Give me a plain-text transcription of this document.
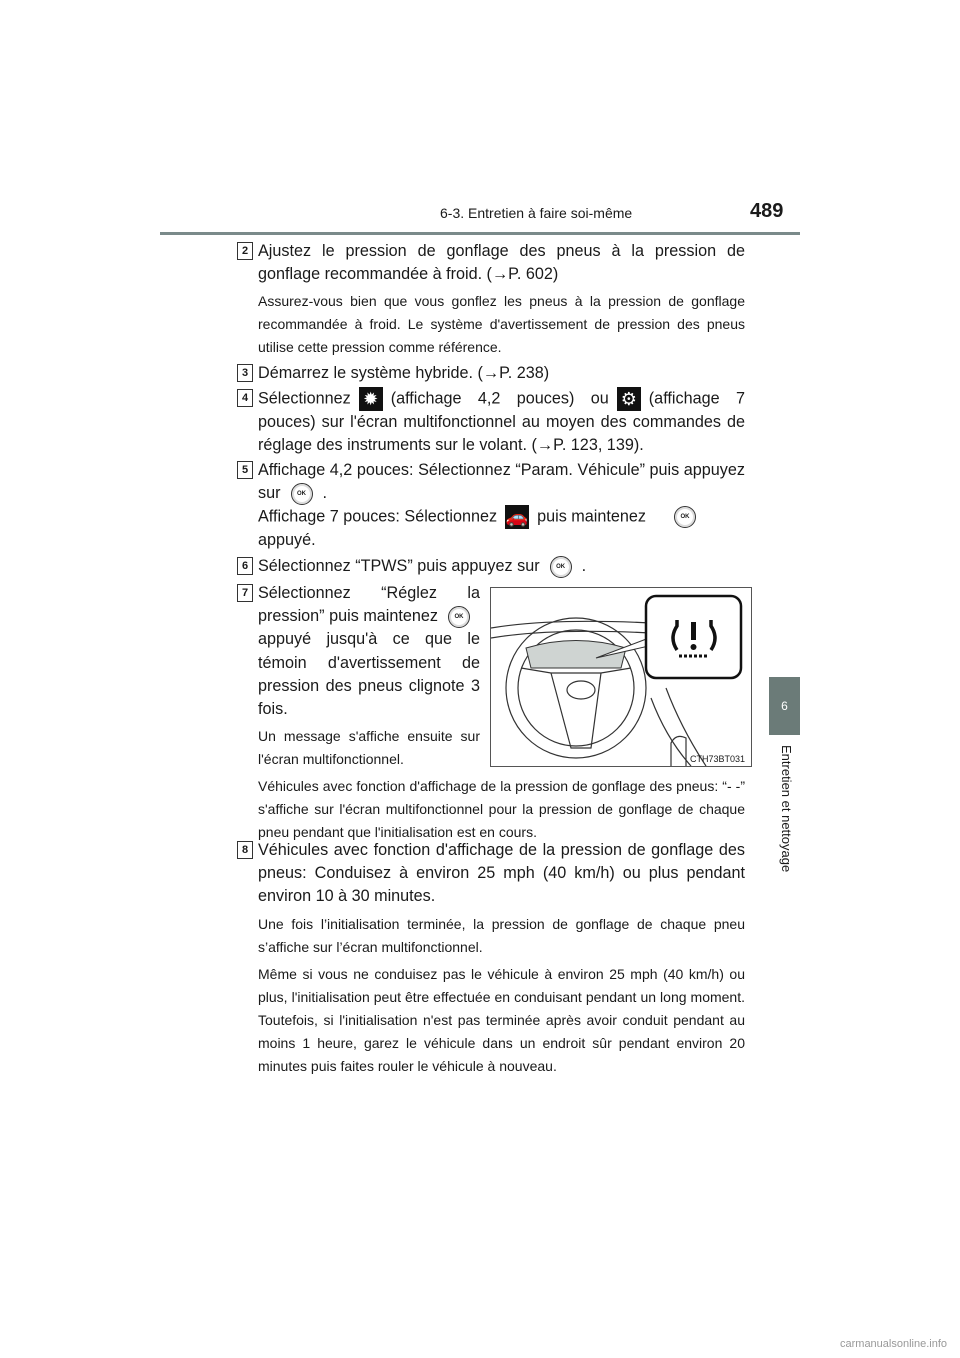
6-3. Entretien à faire soi-même	489
2 Ajustez le pression de gonflage des pneus à la pression de gonflage recommandée à froid. (→P. 602)
Assurez-vous bien que vous gonflez les pneus à la pression de gonflage recommandée à froid. Le système d'avertissement de pression des pneus utilise cette pression comme référence.
3 Démarrez le système hybride. (→P. 238)
4 Sélectionnez ✹ (affichage 4,2 pouces) ou ⚙ (affichage 7 pouces) sur l'écran multifonctionnel au moyen des commandes de réglage des instruments sur le volant. (→P. 123, 139).
5 Affichage 4,2 pouces: Sélectionnez “Param. Véhicule” puis appuyez sur	OK .
Affichage 7 pouces: Sélectionnez 🚗 puis maintenez	OK
appuyé.
6 Sélectionnez “TPWS” puis appuyez sur	OK .
7 Sélectionnez “Réglez la pression” puis maintenez	OKappuyé jusqu'à ce que le témoin d'avertissement de pression des pneus clignote 3 fois.
Un message s'affiche ensuite sur l'écran multifonctionnel.
Véhicules avec fonction d'affichage de la pression de gonflage des pneus: “- -” s'affiche sur l'écran multifonctionnel pour la pression de gonflage de chaque pneu pendant que l'initialisation est en cours.
CTH73BT031
8 Véhicules avec fonction d'affichage de la pression de gonflage des pneus: Conduisez à environ 25 mph (40 km/h) ou plus pendant environ 10 à 30 minutes.
Une fois l’initialisation terminée, la pression de gonflage de chaque pneu s’affiche sur l’écran multifonctionnel.
Même si vous ne conduisez pas le véhicule à environ 25 mph (40 km/h) ou plus, l'initialisation peut être effectuée en conduisant pendant un long moment. Toutefois, si l'initialisation n'est pas terminée après avoir conduit pendant au moins 1 heure, garez le véhicule dans un endroit sûr pendant environ 20 minutes puis faites rouler le véhicule à nouveau.
6
Entretien et nettoyage
carmanualsonline.info
